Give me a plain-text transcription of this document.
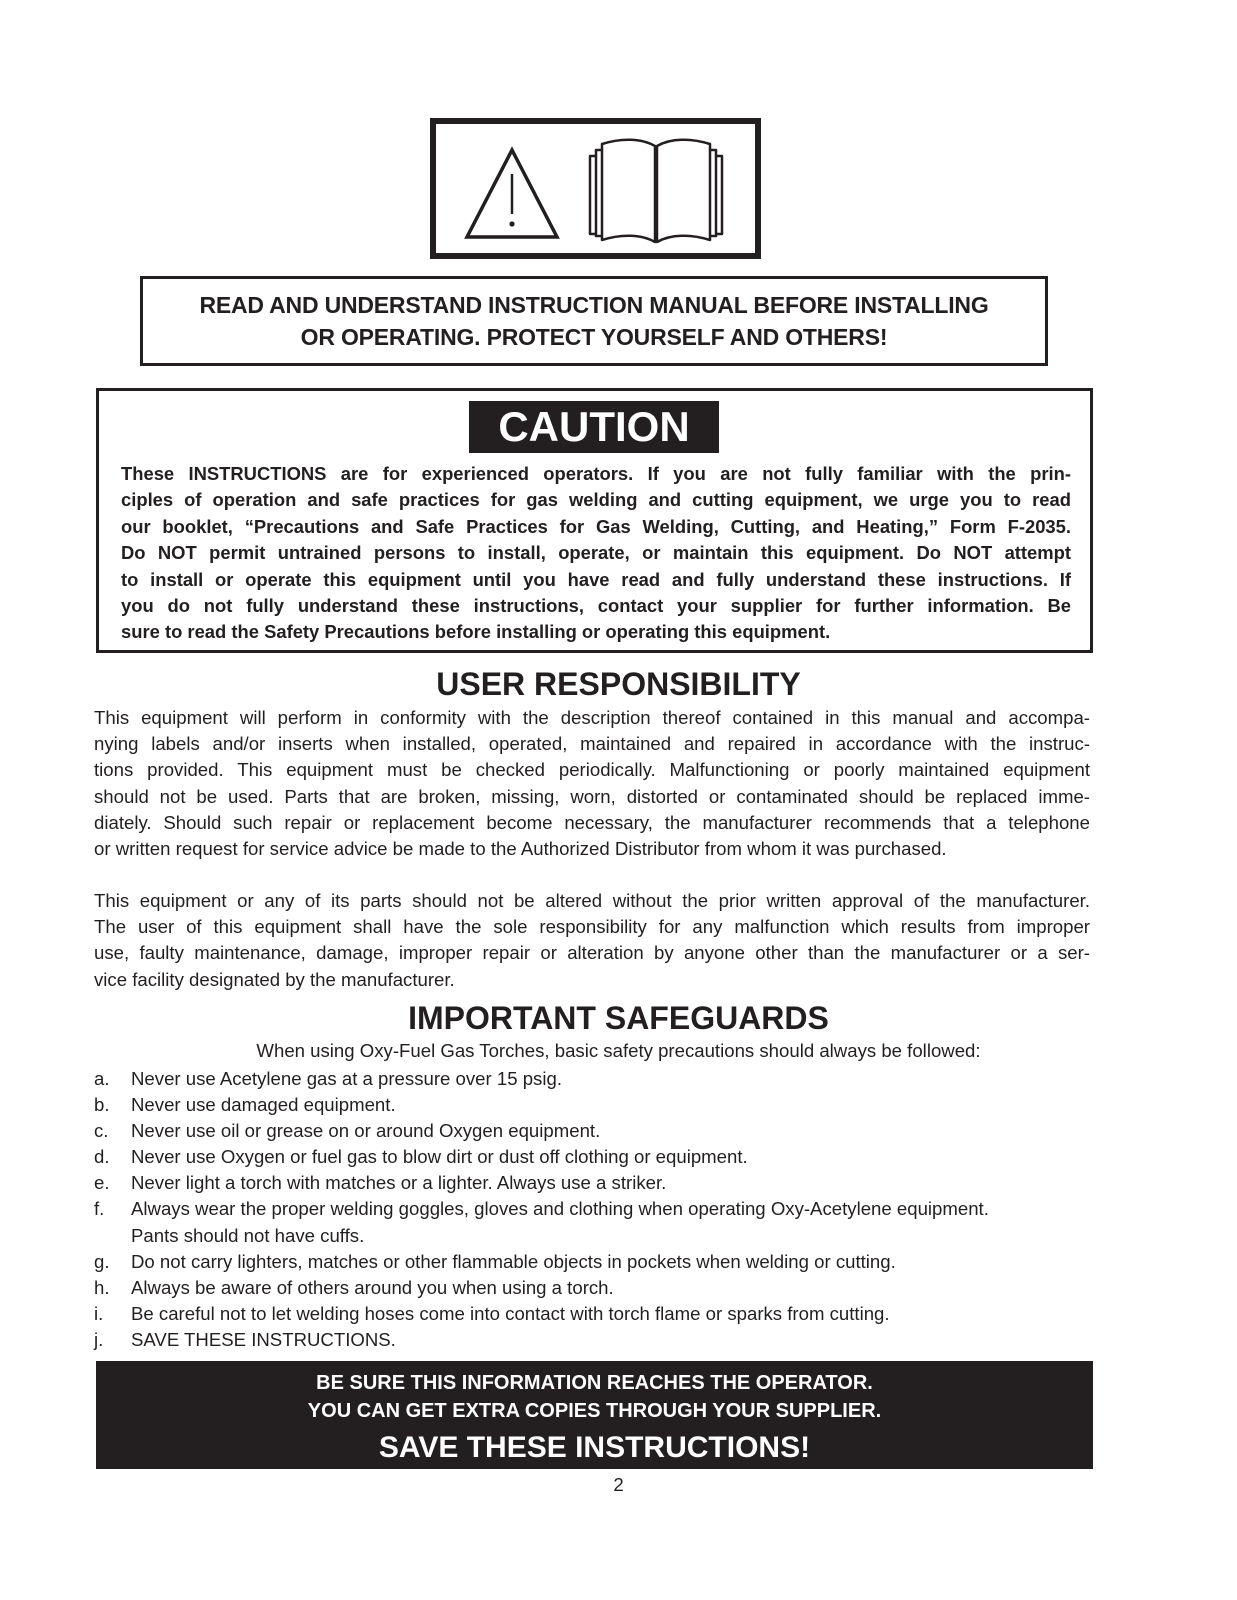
READ AND UNDERSTAND INSTRUCTION MANUAL BEFORE INSTALLING
OR OPERATING. PROTECT YOURSELF AND OTHERS!
CAUTION
These INSTRUCTIONS are for experienced operators. If you are not fully familiar with the prin-
ciples of operation and safe practices for gas welding and cutting equipment, we urge you to read
our booklet, “Precautions and Safe Practices for Gas Welding, Cutting, and Heating,” Form F-2035.
Do NOT permit untrained persons to install, operate, or maintain this equipment. Do NOT attempt
to install or operate this equipment until you have read and fully understand these instructions. If
you do not fully understand these instructions, contact your supplier for further information. Be
sure to read the Safety Precautions before installing or operating this equipment.
USER RESPONSIBILITY
This equipment will perform in conformity with the description thereof contained in this manual and accompa-
nying labels and/or inserts when installed, operated, maintained and repaired in accordance with the instruc-
tions provided. This equipment must be checked periodically. Malfunctioning or poorly maintained equipment
should not be used. Parts that are broken, missing, worn, distorted or contaminated should be replaced imme-
diately. Should such repair or replacement become necessary, the manufacturer recommends that a telephone
or written request for service advice be made to the Authorized Distributor from whom it was purchased.
This equipment or any of its parts should not be altered without the prior written approval of the manufacturer.
The user of this equipment shall have the sole responsibility for any malfunction which results from improper
use, faulty maintenance, damage, improper repair or alteration by anyone other than the manufacturer or a ser-
vice facility designated by the manufacturer.
IMPORTANT SAFEGUARDS
When using Oxy-Fuel Gas Torches, basic safety precautions should always be followed:
a. Never use Acetylene gas at a pressure over 15 psig.
b. Never use damaged equipment.
c. Never use oil or grease on or around Oxygen equipment.
d. Never use Oxygen or fuel gas to blow dirt or dust off clothing or equipment.
e. Never light a torch with matches or a lighter. Always use a striker.
f. Always wear the proper welding goggles, gloves and clothing when operating Oxy-Acetylene equipment.
Pants should not have cuffs.
g. Do not carry lighters, matches or other flammable objects in pockets when welding or cutting.
h. Always be aware of others around you when using a torch.
i. Be careful not to let welding hoses come into contact with torch flame or sparks from cutting.
j. SAVE THESE INSTRUCTIONS.
BE SURE THIS INFORMATION REACHES THE OPERATOR.
YOU CAN GET EXTRA COPIES THROUGH YOUR SUPPLIER.
SAVE THESE INSTRUCTIONS!
2
